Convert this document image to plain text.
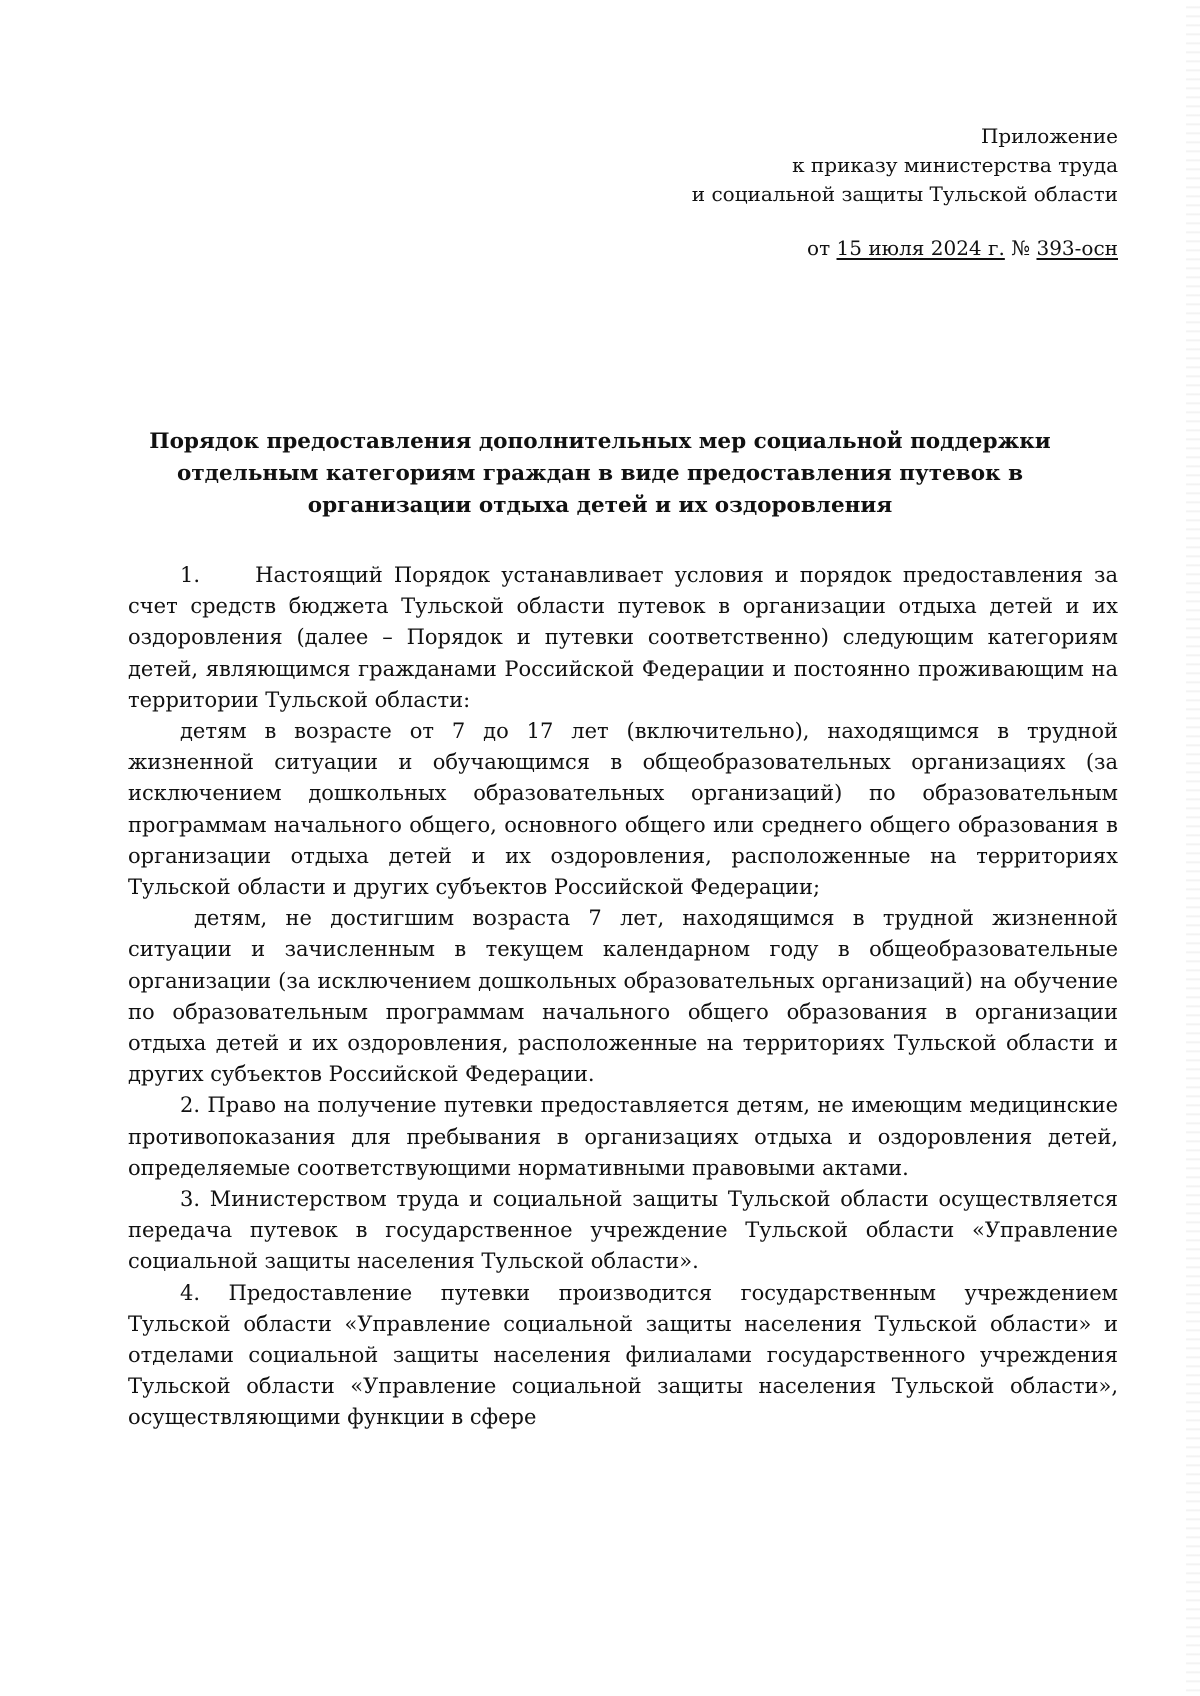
Приложение
к приказу министерства труда
и социальной защиты Тульской области
от 15 июля 2024 г. № 393-осн
Порядок предоставления дополнительных мер социальной поддержки
отдельным категориям граждан в виде предоставления путевок в
организации отдыха детей и их оздоровления

1.     Настоящий Порядок устанавливает условия и порядок предоставления за счет средств бюджета Тульской области путевок в организации отдыха детей и их оздоровления (далее – Порядок и путевки соответственно) следующим категориям детей, являющимся гражданами Российской Федерации и постоянно проживающим на территории Тульской области:

детям в возрасте от 7 до 17 лет (включительно), находящимся в трудной жизненной ситуации и обучающимся в общеобразовательных организациях (за исключением дошкольных образовательных организаций) по образовательным программам начального общего, основного общего или среднего общего образования в организации отдыха детей и их оздоровления, расположенные на территориях Тульской области и других субъектов Российской Федерации;

детям, не достигшим возраста 7 лет, находящимся в трудной жизненной ситуации и зачисленным в текущем календарном году в общеобразовательные организации (за исключением дошкольных образовательных организаций) на обучение по образовательным программам начального общего образования в организации отдыха детей и их оздоровления, расположенные на территориях Тульской области и других субъектов Российской Федерации.

2. Право на получение путевки предоставляется детям, не имеющим медицинские противопоказания для пребывания в организациях отдыха и оздоровления детей, определяемые соответствующими нормативными правовыми актами.

3. Министерством труда и социальной защиты Тульской области осуществляется передача путевок в государственное учреждение Тульской области «Управление социальной защиты населения Тульской области».

4. Предоставление путевки производится государственным учреждением Тульской области «Управление социальной защиты населения Тульской области» и отделами социальной защиты населения филиалами государственного учреждения Тульской области «Управление социальной защиты населения Тульской области», осуществляющими функции в сфере
